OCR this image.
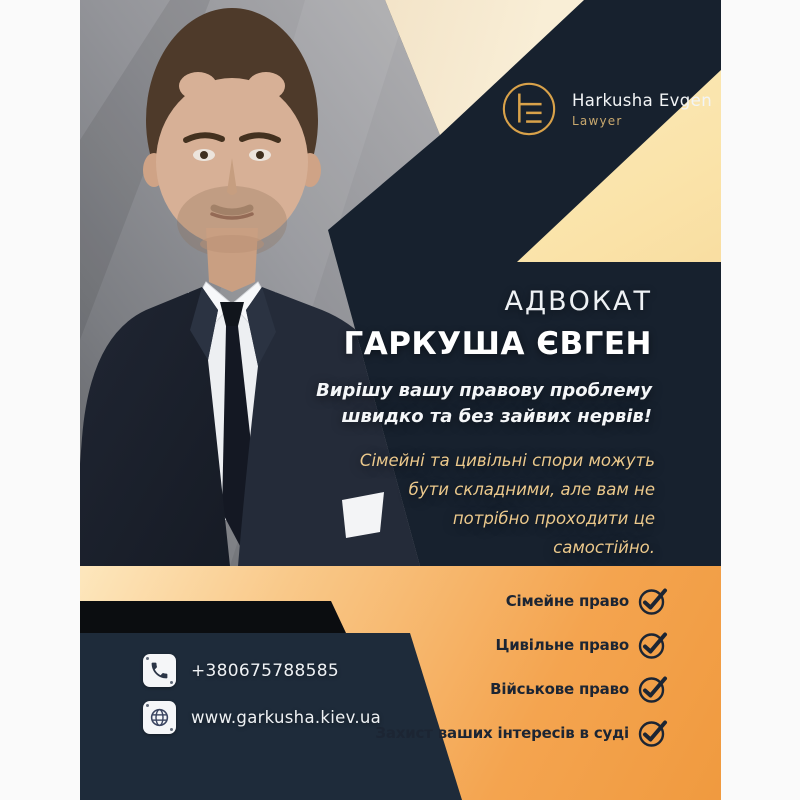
Harkusha Evgen
Lawyer
АДВОКАТ
ГАРКУША ЄВГЕН
Вирішу вашу правову проблему
швидко та без зайвих нервів!
Сімейні та цивільні спори можуть
бути складними, але вам не
потрібно проходити це
самостійно.
Сімейне право
Цивільне право
Військове право
Захист ваших інтересів в суді
+380675788585
www.garkusha.kiev.ua
